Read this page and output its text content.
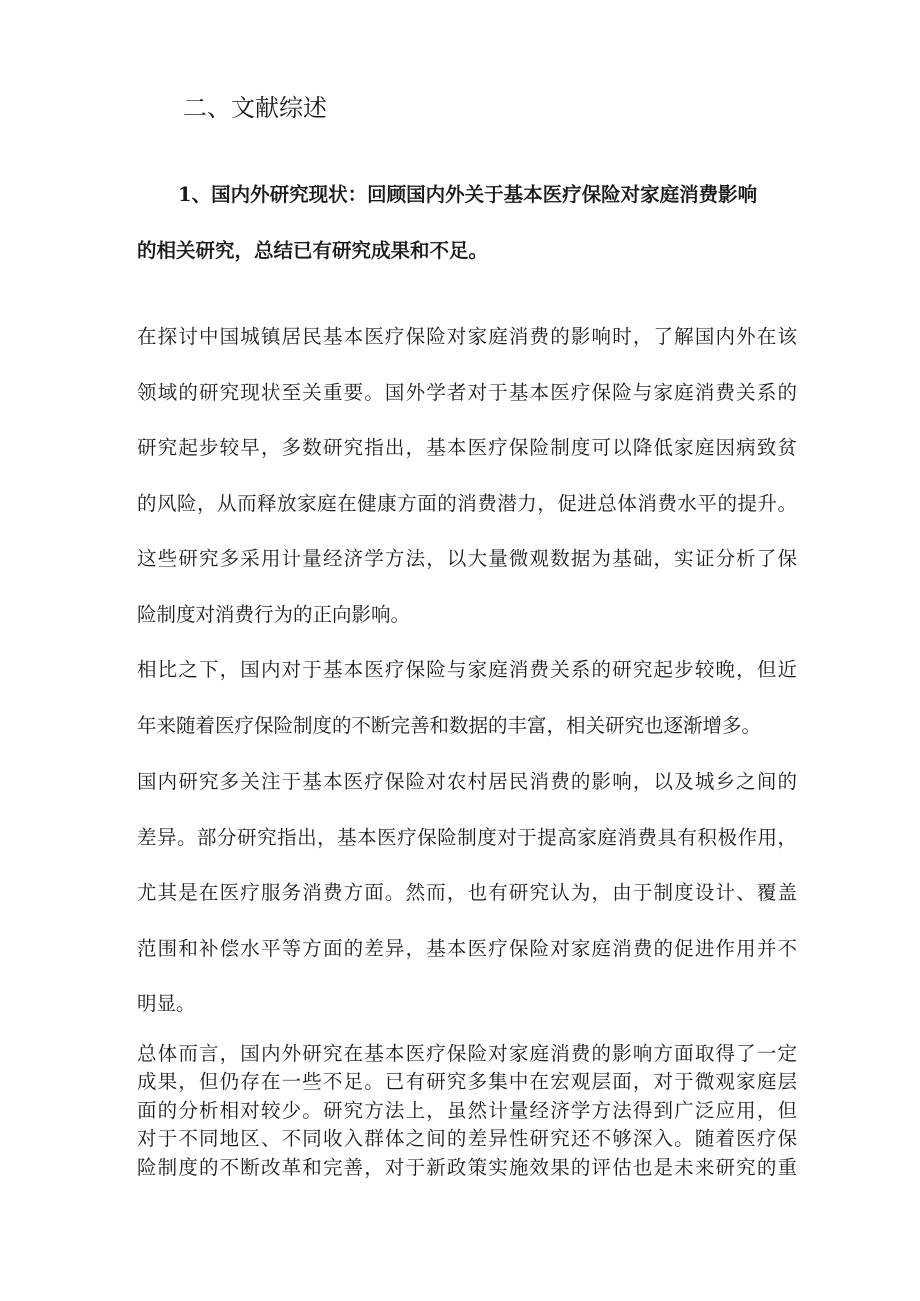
二、文献综述
1、国内外研究现状：回顾国内外关于基本医疗保险对家庭消费影响
的相关研究，总结已有研究成果和不足。
在探讨中国城镇居民基本医疗保险对家庭消费的影响时，了解国内外在该
领域的研究现状至关重要。国外学者对于基本医疗保险与家庭消费关系的
研究起步较早，多数研究指出，基本医疗保险制度可以降低家庭因病致贫
的风险，从而释放家庭在健康方面的消费潜力，促进总体消费水平的提升。
这些研究多采用计量经济学方法，以大量微观数据为基础，实证分析了保
险制度对消费行为的正向影响。
相比之下，国内对于基本医疗保险与家庭消费关系的研究起步较晚，但近
年来随着医疗保险制度的不断完善和数据的丰富，相关研究也逐渐增多。
国内研究多关注于基本医疗保险对农村居民消费的影响，以及城乡之间的
差异。部分研究指出，基本医疗保险制度对于提高家庭消费具有积极作用，
尤其是在医疗服务消费方面。然而，也有研究认为，由于制度设计、覆盖
范围和补偿水平等方面的差异，基本医疗保险对家庭消费的促进作用并不
明显。
总体而言，国内外研究在基本医疗保险对家庭消费的影响方面取得了一定
成果，但仍存在一些不足。已有研究多集中在宏观层面，对于微观家庭层
面的分析相对较少。研究方法上，虽然计量经济学方法得到广泛应用，但
对于不同地区、不同收入群体之间的差异性研究还不够深入。随着医疗保
险制度的不断改革和完善，对于新政策实施效果的评估也是未来研究的重
